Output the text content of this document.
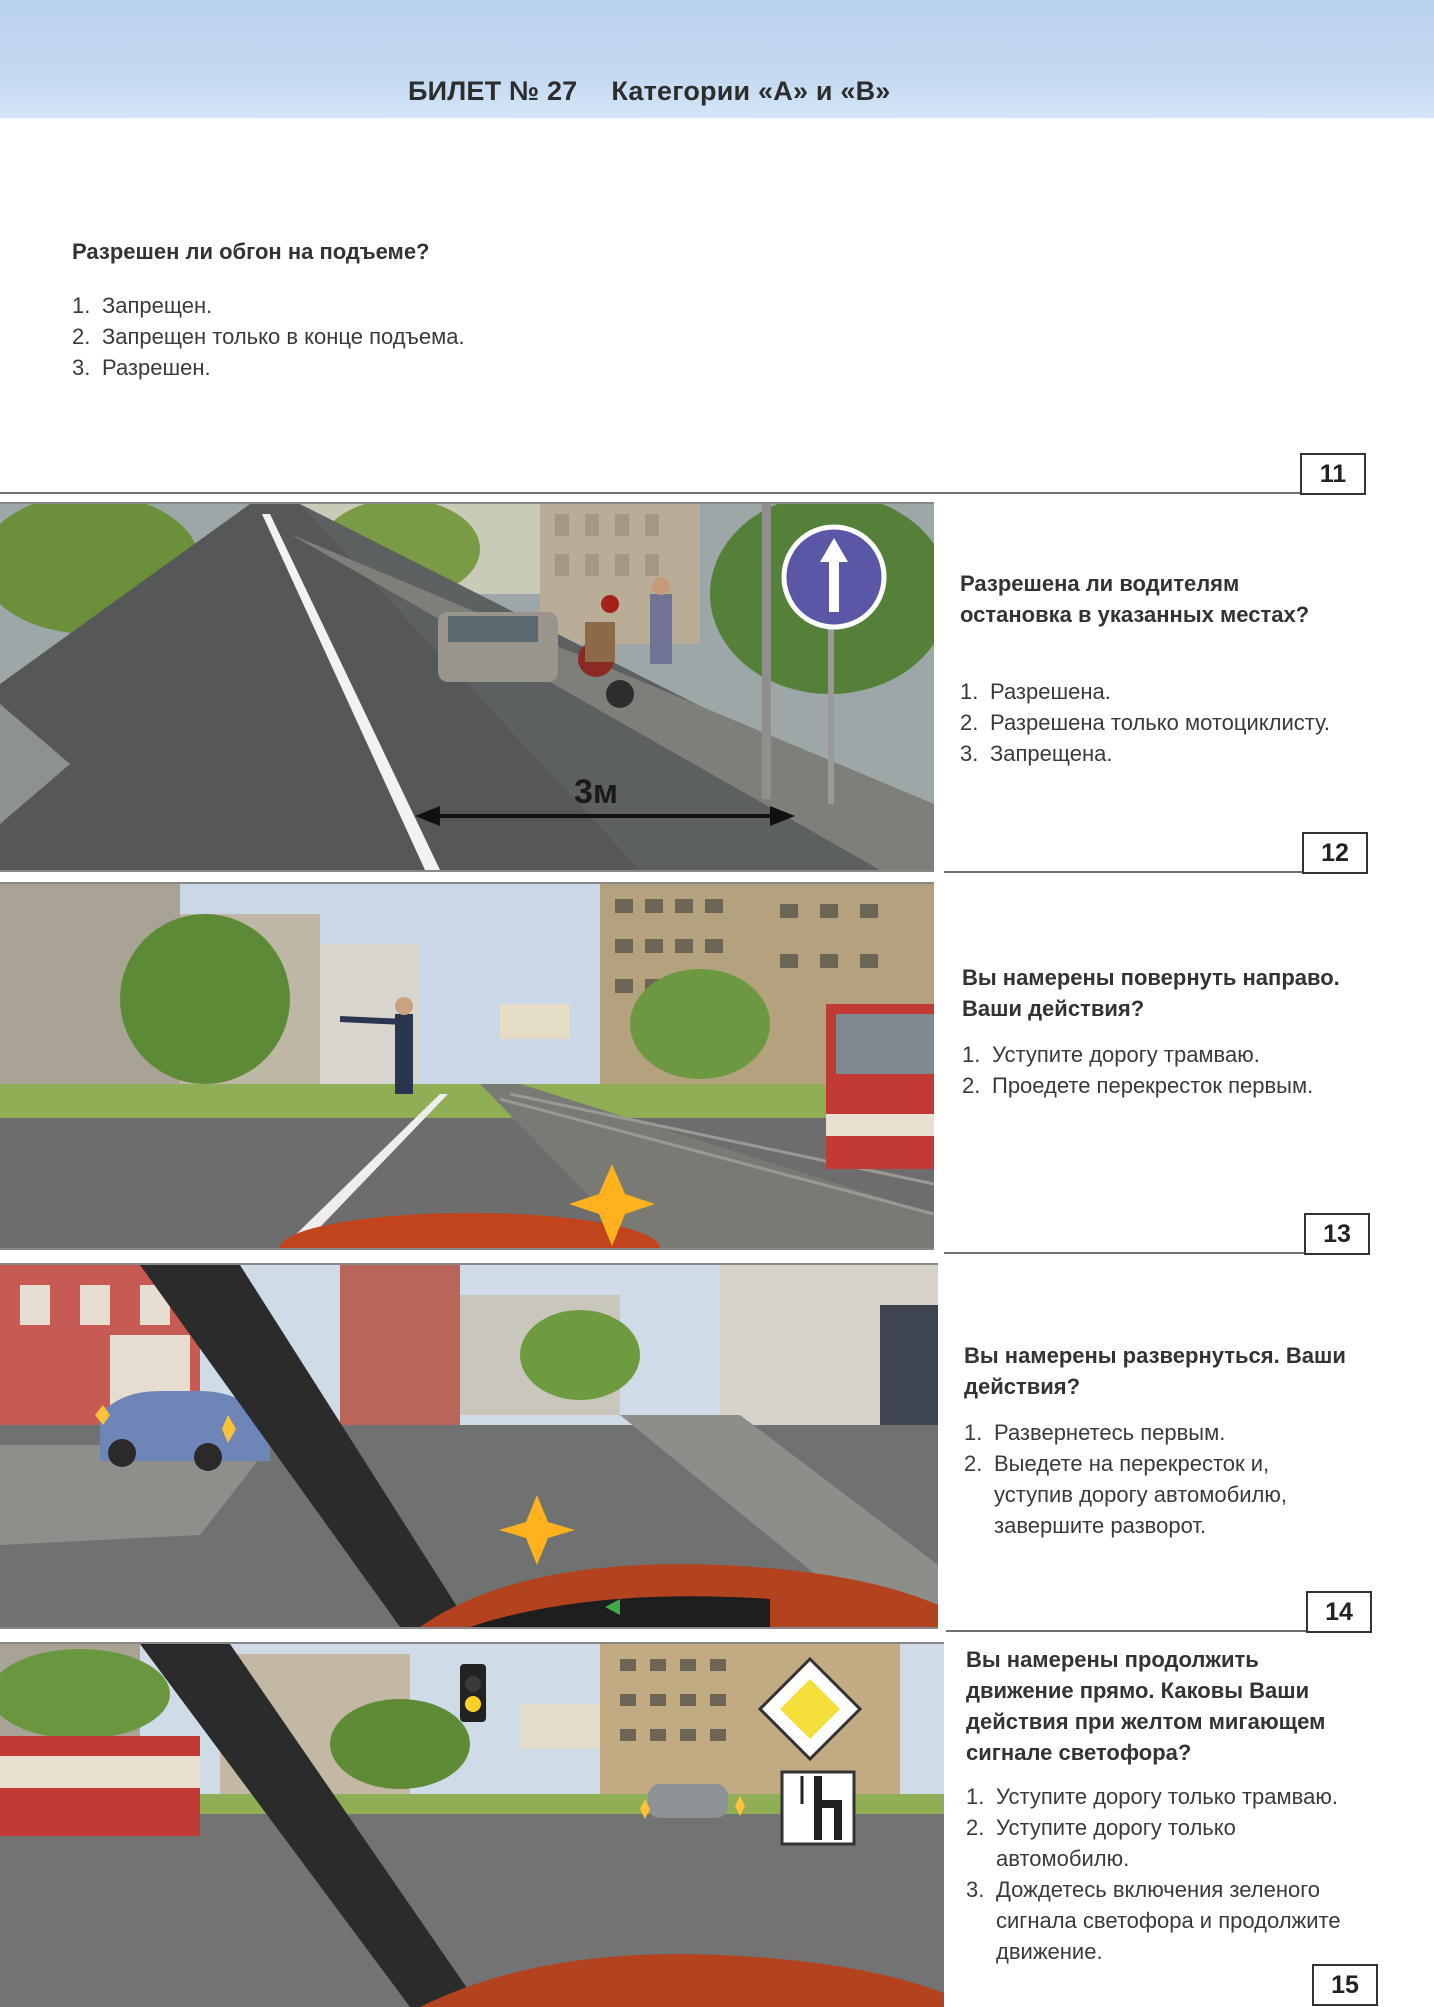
БИЛЕТ № 27 Категории «А» и «В»
Разрешен ли обгон на подъеме?
1. Запрещен.
2. Запрещен только в конце подъема.
3. Разрешен.
11
3м
Разрешена ли водителям остановка в указанных местах?
1. Разрешена.
2. Разрешена только мотоциклисту.
3. Запрещена.
12
Вы намерены повернуть направо. Ваши действия?
1. Уступите дорогу трамваю.
2. Проедете перекресток первым.
13
Вы намерены развернуться. Ваши действия?
1. Развернетесь первым.
2. Выедете на перекресток и, уступив дорогу автомобилю, завершите разворот.
14
Вы намерены продолжить движение прямо. Каковы Ваши действия при желтом мигающем сигнале светофора?
1. Уступите дорогу только трамваю.
2. Уступите дорогу только автомобилю.
3. Дождетесь включения зеленого сигнала светофора и продолжите движение.
15
